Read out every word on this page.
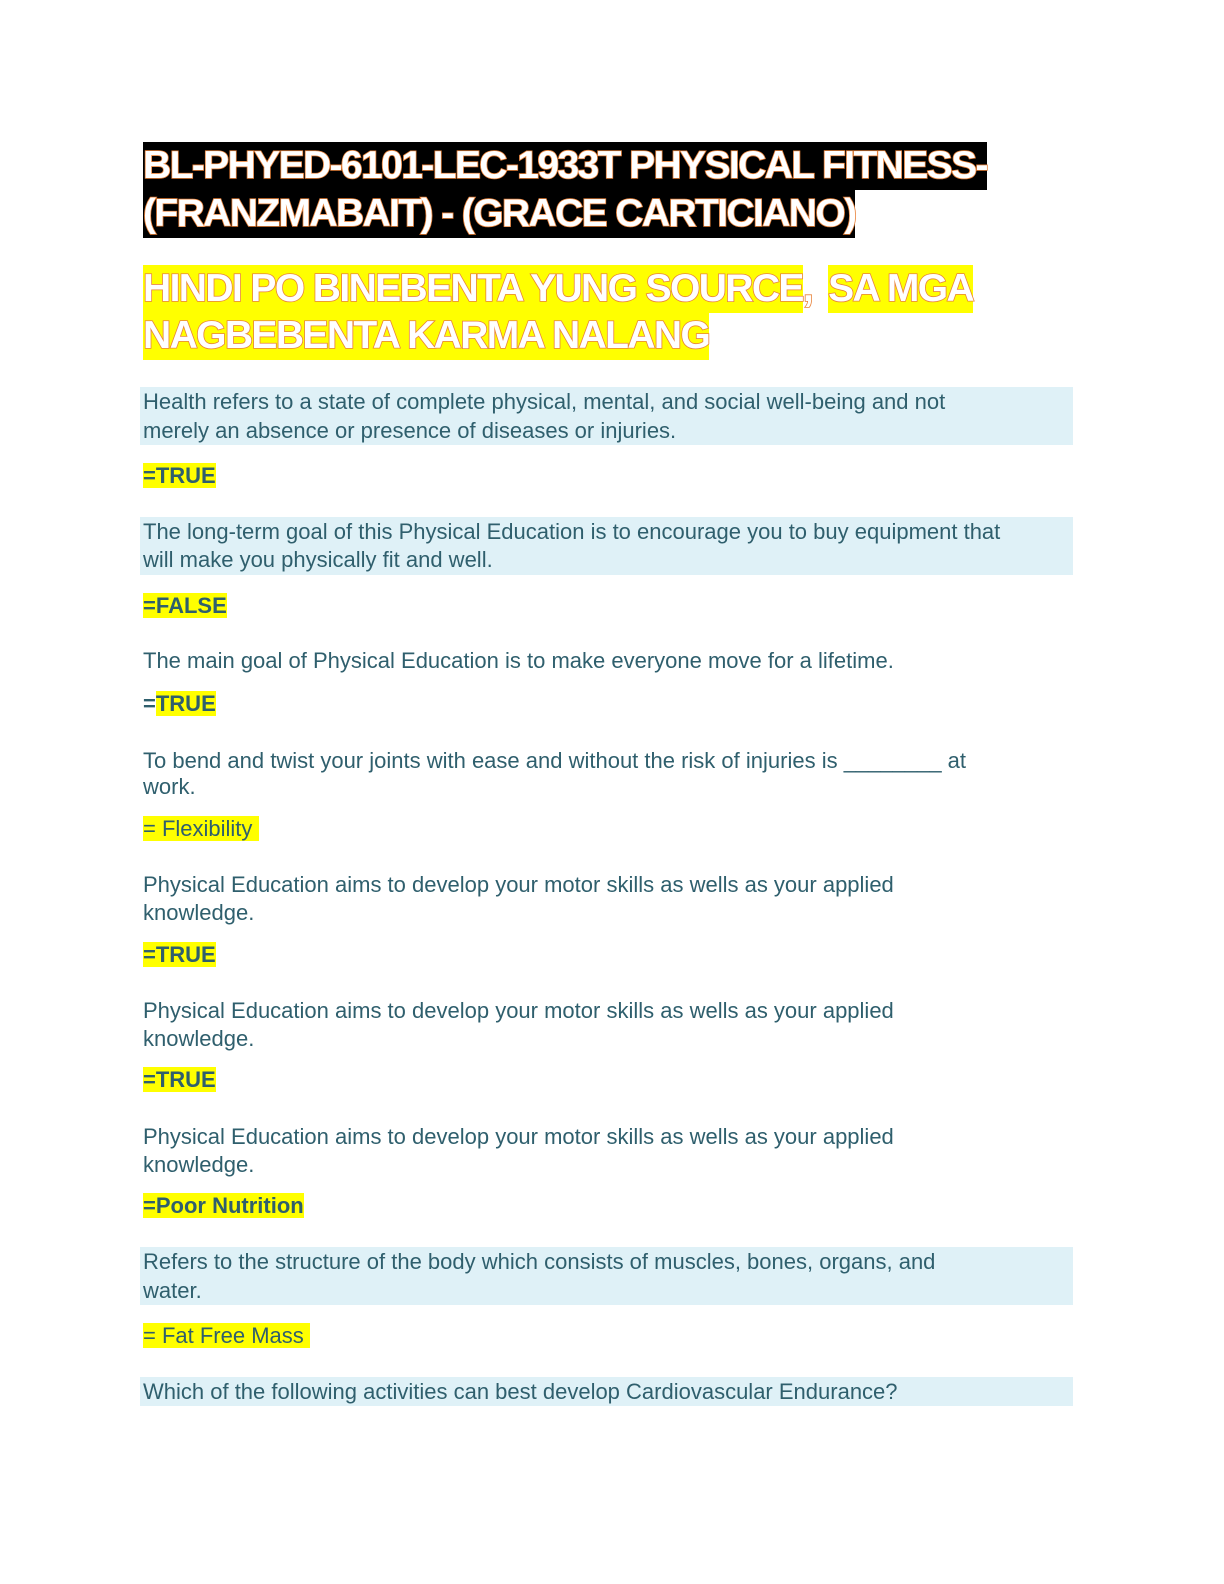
BL-PHYED-6101-LEC-1933T PHYSICAL FITNESS-
(FRANZMABAIT) - (GRACE CARTICIANO)
HINDI PO BINEBENTA YUNG SOURCE, SA MGA
NAGBEBENTA KARMA NALANG
Health refers to a state of complete physical, mental, and social well-being and not
merely an absence or presence of diseases or injuries.
=TRUE
The long-term goal of this Physical Education is to encourage you to buy equipment that
will make you physically fit and well.
=FALSE
The main goal of Physical Education is to make everyone move for a lifetime.
=TRUE
To bend and twist your joints with ease and without the risk of injuries is ________ at
work.
= Flexibility
Physical Education aims to develop your motor skills as wells as your applied
knowledge.
=TRUE
Physical Education aims to develop your motor skills as wells as your applied
knowledge.
=TRUE
Physical Education aims to develop your motor skills as wells as your applied
knowledge.
=Poor Nutrition
Refers to the structure of the body which consists of muscles, bones, organs, and
water.
= Fat Free Mass
Which of the following activities can best develop Cardiovascular Endurance?
